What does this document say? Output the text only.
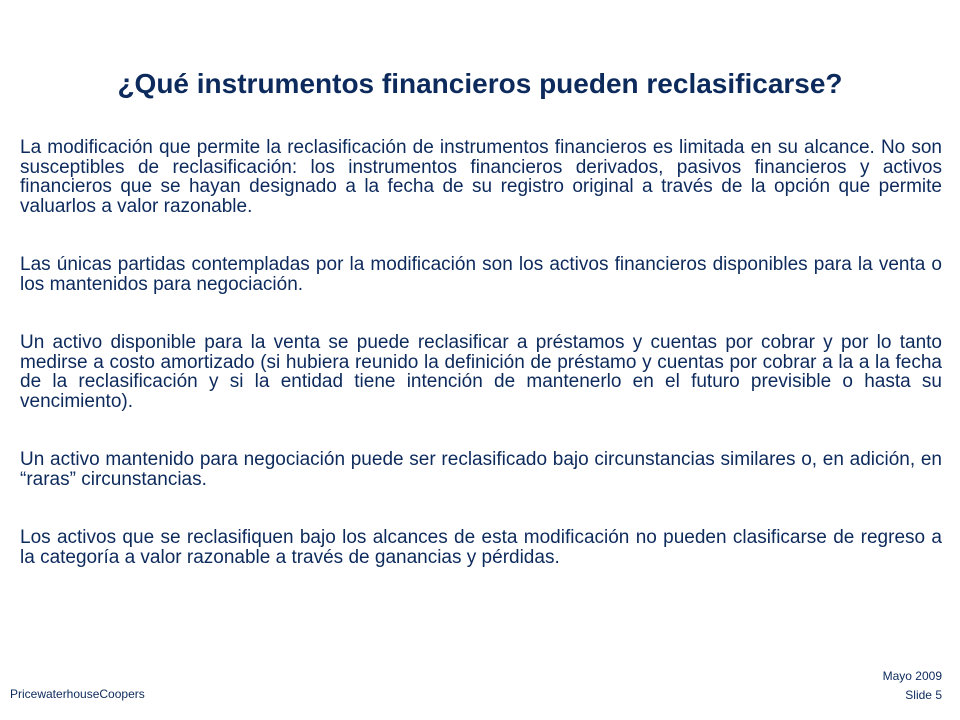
¿Qué instrumentos financieros pueden reclasificarse?

La modificación que permite la reclasificación de instrumentos financieros es limitada en su alcance. No son susceptibles de reclasificación: los instrumentos financieros derivados, pasivos financieros y activos financieros que se hayan designado a la fecha de su registro original a través de la opción que permite valuarlos a valor razonable.

Las únicas partidas contempladas por la modificación son los activos financieros disponibles para la venta o los mantenidos para negociación.

Un activo disponible para la venta se puede reclasificar a préstamos y cuentas por cobrar y por lo tanto medirse a costo amortizado (si hubiera reunido la definición de préstamo y cuentas por cobrar a la a la fecha de la reclasificación y si la entidad tiene intención de mantenerlo en el futuro previsible o hasta su vencimiento).

Un activo mantenido para negociación puede ser reclasificado bajo circunstancias similares o, en adición, en “raras” circunstancias.

Los activos que se reclasifiquen bajo los alcances de esta modificación no pueden clasificarse de regreso a la categoría a valor razonable a través de ganancias y pérdidas.

PricewaterhouseCoopers
Mayo 2009
Slide 5
